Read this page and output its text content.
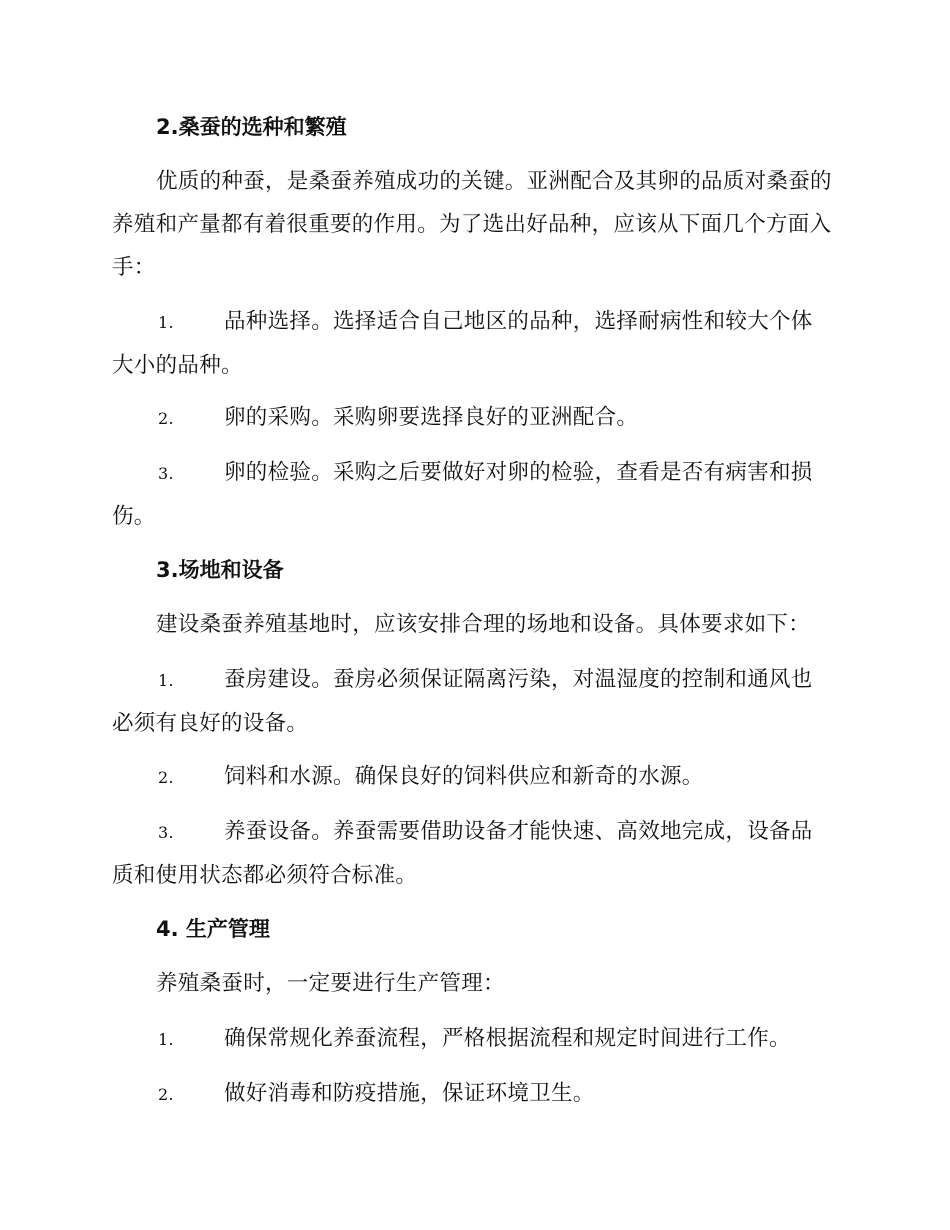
2.桑蚕的选种和繁殖

优质的种蚕，是桑蚕养殖成功的关键。亚洲配合及其卵的品质对桑蚕的养殖和产量都有着很重要的作用。为了选出好品种，应该从下面几个方面入手：

1. 品种选择。选择适合自己地区的品种，选择耐病性和较大个体大小的品种。

2. 卵的采购。采购卵要选择良好的亚洲配合。

3. 卵的检验。采购之后要做好对卵的检验，查看是否有病害和损伤。

3.场地和设备

建设桑蚕养殖基地时，应该安排合理的场地和设备。具体要求如下：

1. 蚕房建设。蚕房必须保证隔离污染，对温湿度的控制和通风也必须有良好的设备。

2. 饲料和水源。确保良好的饲料供应和新奇的水源。

3. 养蚕设备。养蚕需要借助设备才能快速、高效地完成，设备品质和使用状态都必须符合标准。

4. 生产管理

养殖桑蚕时，一定要进行生产管理：

1. 确保常规化养蚕流程，严格根据流程和规定时间进行工作。

2. 做好消毒和防疫措施，保证环境卫生。
